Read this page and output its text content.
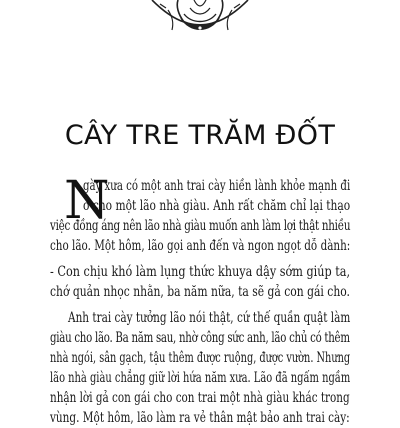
CÂY TRE TRĂM ĐỐT
N
gày xưa có một anh trai cày hiền lành khỏe mạnh đi
ở cho một lão nhà giàu. Anh rất chăm chỉ lại thạo
việc đồng áng nên lão nhà giàu muốn anh làm lợi thật nhiều
cho lão. Một hôm, lão gọi anh đến và ngon ngọt dỗ dành:
- Con chịu khó làm lụng thức khuya dậy sớm giúp ta,
chớ quản nhọc nhằn, ba năm nữa, ta sẽ gả con gái cho.
Anh trai cày tưởng lão nói thật, cứ thế quần quật làm
giàu cho lão. Ba năm sau, nhờ công sức anh, lão chủ có thêm
nhà ngói, sân gạch, tậu thêm được ruộng, được vườn. Nhưng
lão nhà giàu chẳng giữ lời hứa năm xưa. Lão đã ngấm ngầm
nhận lời gả con gái cho con trai một nhà giàu khác trong
vùng. Một hôm, lão làm ra vẻ thân mật bảo anh trai cày:
